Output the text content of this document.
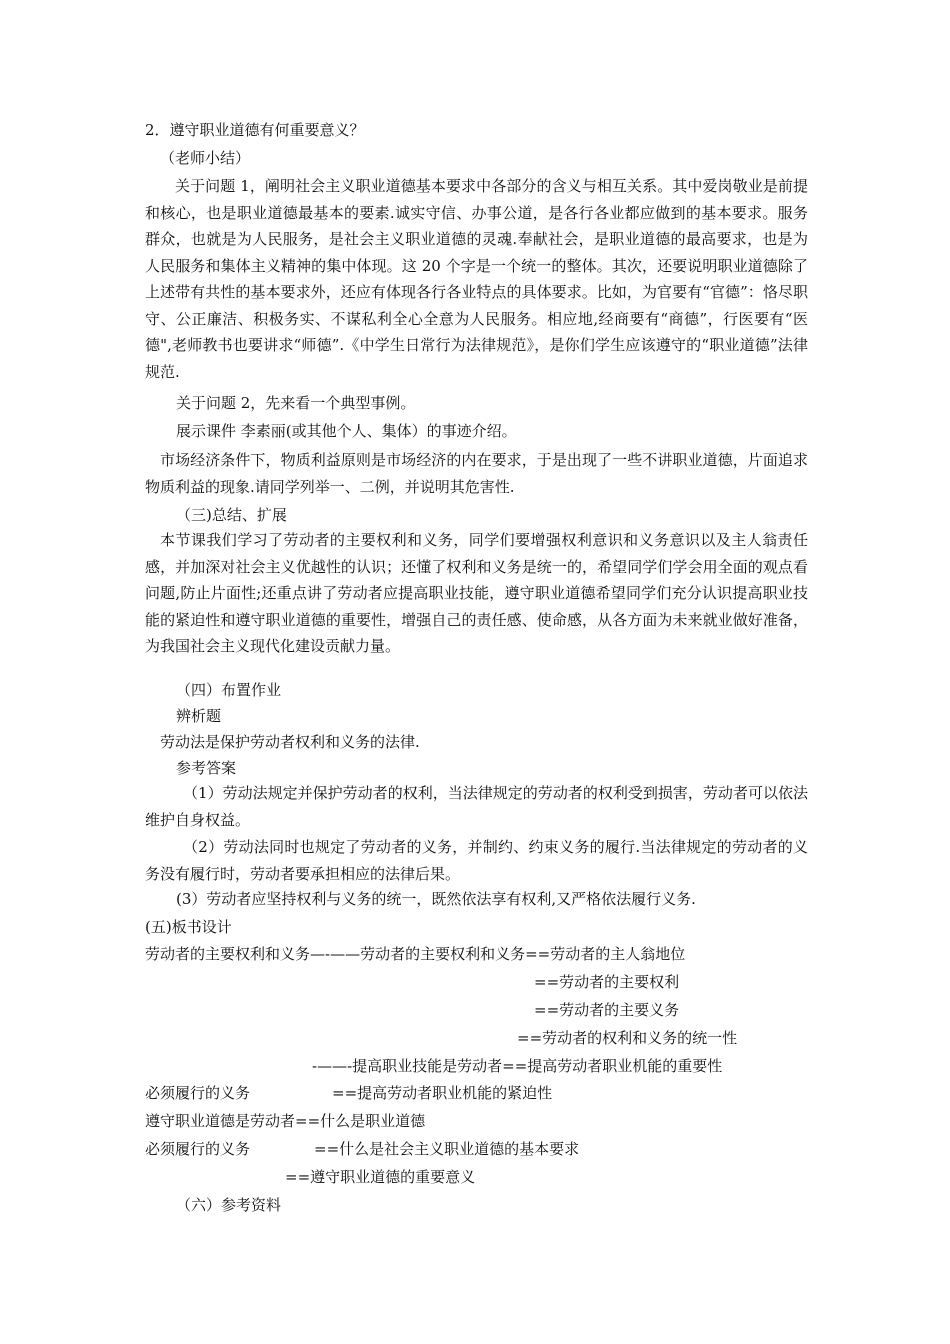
2．遵守职业道德有何重要意义？
（老师小结）
关于问题 1，阐明社会主义职业道德基本要求中各部分的含义与相互关系。其中爱岗敬业是前提和核心，也是职业道德最基本的要素.诚实守信、办事公道，是各行各业都应做到的基本要求。服务群众，也就是为人民服务，是社会主义职业道德的灵魂.奉献社会，是职业道德的最高要求，也是为人民服务和集体主义精神的集中体现。这 20 个字是一个统一的整体。其次，还要说明职业道德除了上述带有共性的基本要求外，还应有体现各行各业特点的具体要求。比如，为官要有“官德”：恪尽职守、公正廉洁、积极务实、不谋私利全心全意为人民服务。相应地,经商要有“商德”，行医要有“医德",老师教书也要讲求“师德”.《中学生日常行为法律规范》，是你们学生应该遵守的“职业道德”法律规范.
关于问题 2，先来看一个典型事例。
展示课件 李素丽(或其他个人、集体）的事迹介绍。
市场经济条件下，物质利益原则是市场经济的内在要求，于是出现了一些不讲职业道德，片面追求物质利益的现象.请同学列举一、二例，并说明其危害性.
（三)总结、扩展
本节课我们学习了劳动者的主要权利和义务，同学们要增强权利意识和义务意识以及主人翁责任感，并加深对社会主义优越性的认识；还懂了权利和义务是统一的，希望同学们学会用全面的观点看问题,防止片面性;还重点讲了劳动者应提高职业技能，遵守职业道德希望同学们充分认识提高职业技能的紧迫性和遵守职业道德的重要性，增强自己的责任感、使命感，从各方面为未来就业做好准备，为我国社会主义现代化建设贡献力量。
（四）布置作业
辨析题
劳动法是保护劳动者权利和义务的法律.
参考答案
（1）劳动法规定并保护劳动者的权利，当法律规定的劳动者的权利受到损害，劳动者可以依法维护自身权益。
（2）劳动法同时也规定了劳动者的义务，并制约、约束义务的履行.当法律规定的劳动者的义务没有履行时，劳动者要承担相应的法律后果。
(3）劳动者应坚持权利与义务的统一，既然依法享有权利,又严格依法履行义务.
(五)板书设计
劳动者的主要权利和义务—-——劳动者的主要权利和义务==劳动者的主人翁地位
==劳动者的主要权利
==劳动者的主要义务
==劳动者的权利和义务的统一性
-——-提高职业技能是劳动者==提高劳动者职业机能的重要性
必须履行的义务	==提高劳动者职业机能的紧迫性
遵守职业道德是劳动者==什么是职业道德
必须履行的义务	==什么是社会主义职业道德的基本要求
==遵守职业道德的重要意义
（六）参考资料
